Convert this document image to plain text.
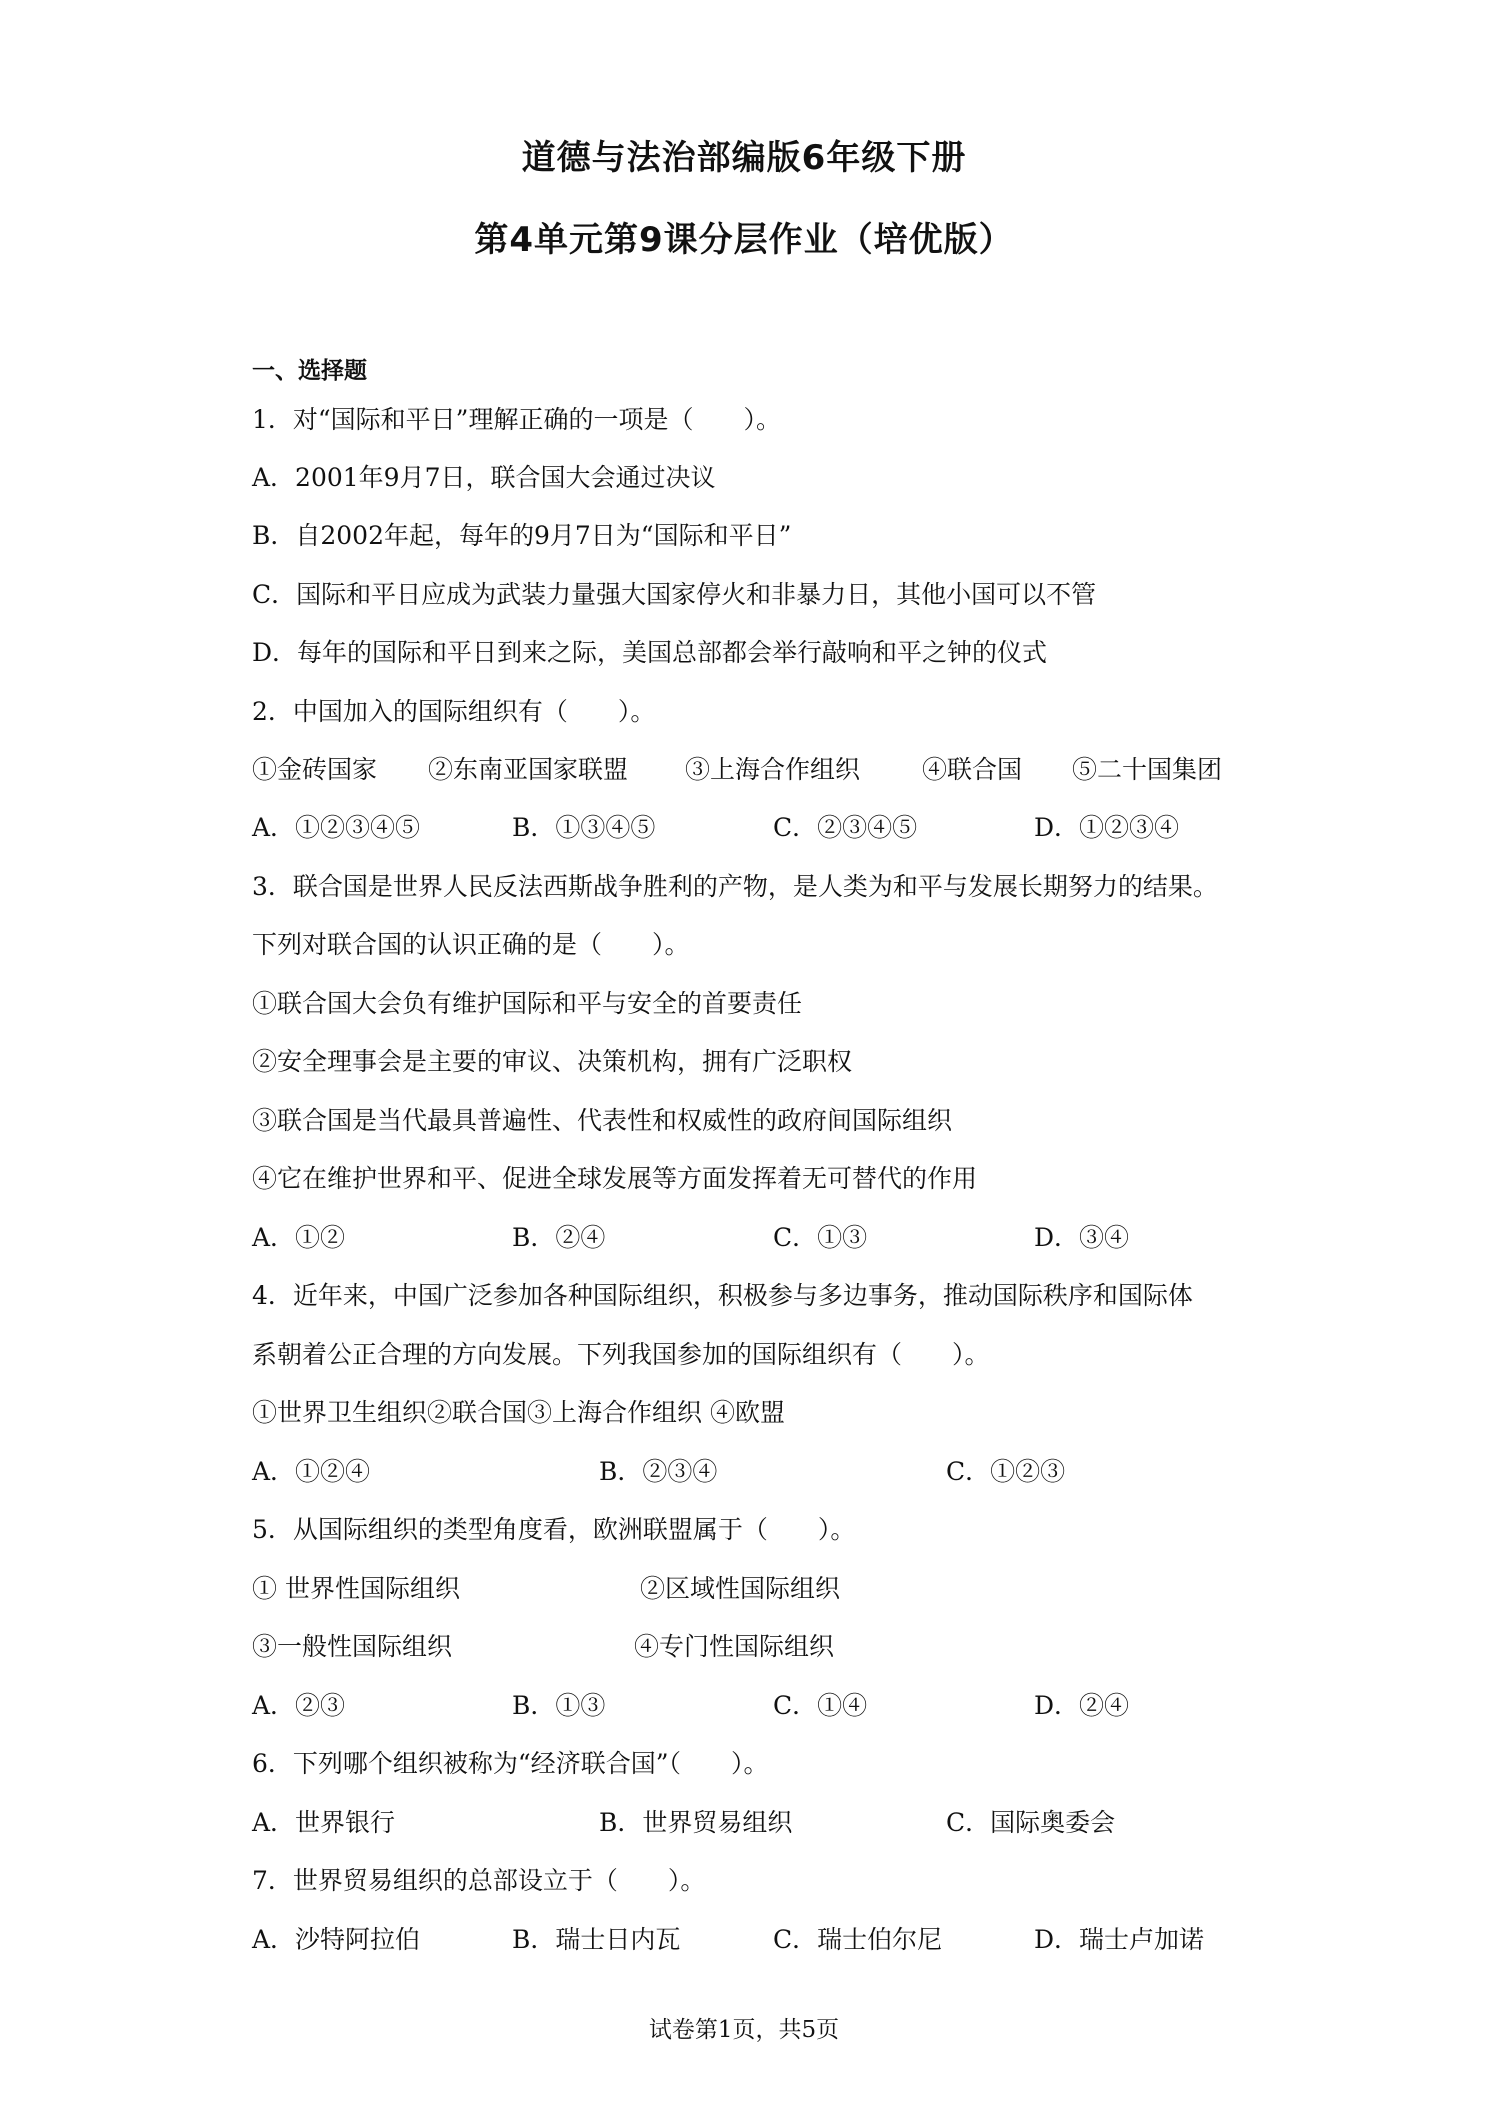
道德与法治部编版6年级下册
第4单元第9课分层作业（培优版）
一、选择题
1．对“国际和平日”理解正确的一项是（　　）。
A．2001年9月7日，联合国大会通过决议
B．自2002年起，每年的9月7日为“国际和平日”
C．国际和平日应成为武装力量强大国家停火和非暴力日，其他小国可以不管
D．每年的国际和平日到来之际，美国总部都会举行敲响和平之钟的仪式
2．中国加入的国际组织有（　　）。
①金砖国家 ②东南亚国家联盟 ③上海合作组织 ④联合国 ⑤二十国集团
A．①②③④⑤	B．①③④⑤	C．②③④⑤	D．①②③④
3．联合国是世界人民反法西斯战争胜利的产物，是人类为和平与发展长期努力的结果。
下列对联合国的认识正确的是（　　）。
①联合国大会负有维护国际和平与安全的首要责任
②安全理事会是主要的审议、决策机构，拥有广泛职权
③联合国是当代最具普遍性、代表性和权威性的政府间国际组织
④它在维护世界和平、促进全球发展等方面发挥着无可替代的作用
A．①②	B．②④	C．①③	D．③④
4．近年来，中国广泛参加各种国际组织，积极参与多边事务，推动国际秩序和国际体
系朝着公正合理的方向发展。下列我国参加的国际组织有（　　）。
①世界卫生组织②联合国③上海合作组织 ④欧盟
A．①②④	B．②③④	C．①②③
5．从国际组织的类型角度看，欧洲联盟属于（　　）。
① 世界性国际组织	②区域性国际组织
③一般性国际组织	④专门性国际组织
A．②③	B．①③	C．①④	D．②④
6．下列哪个组织被称为“经济联合国”（　　）。
A．世界银行	B．世界贸易组织	C．国际奥委会
7．世界贸易组织的总部设立于（　　）。
A．沙特阿拉伯	B．瑞士日内瓦	C．瑞士伯尔尼	D．瑞士卢加诺
试卷第1页，共5页
